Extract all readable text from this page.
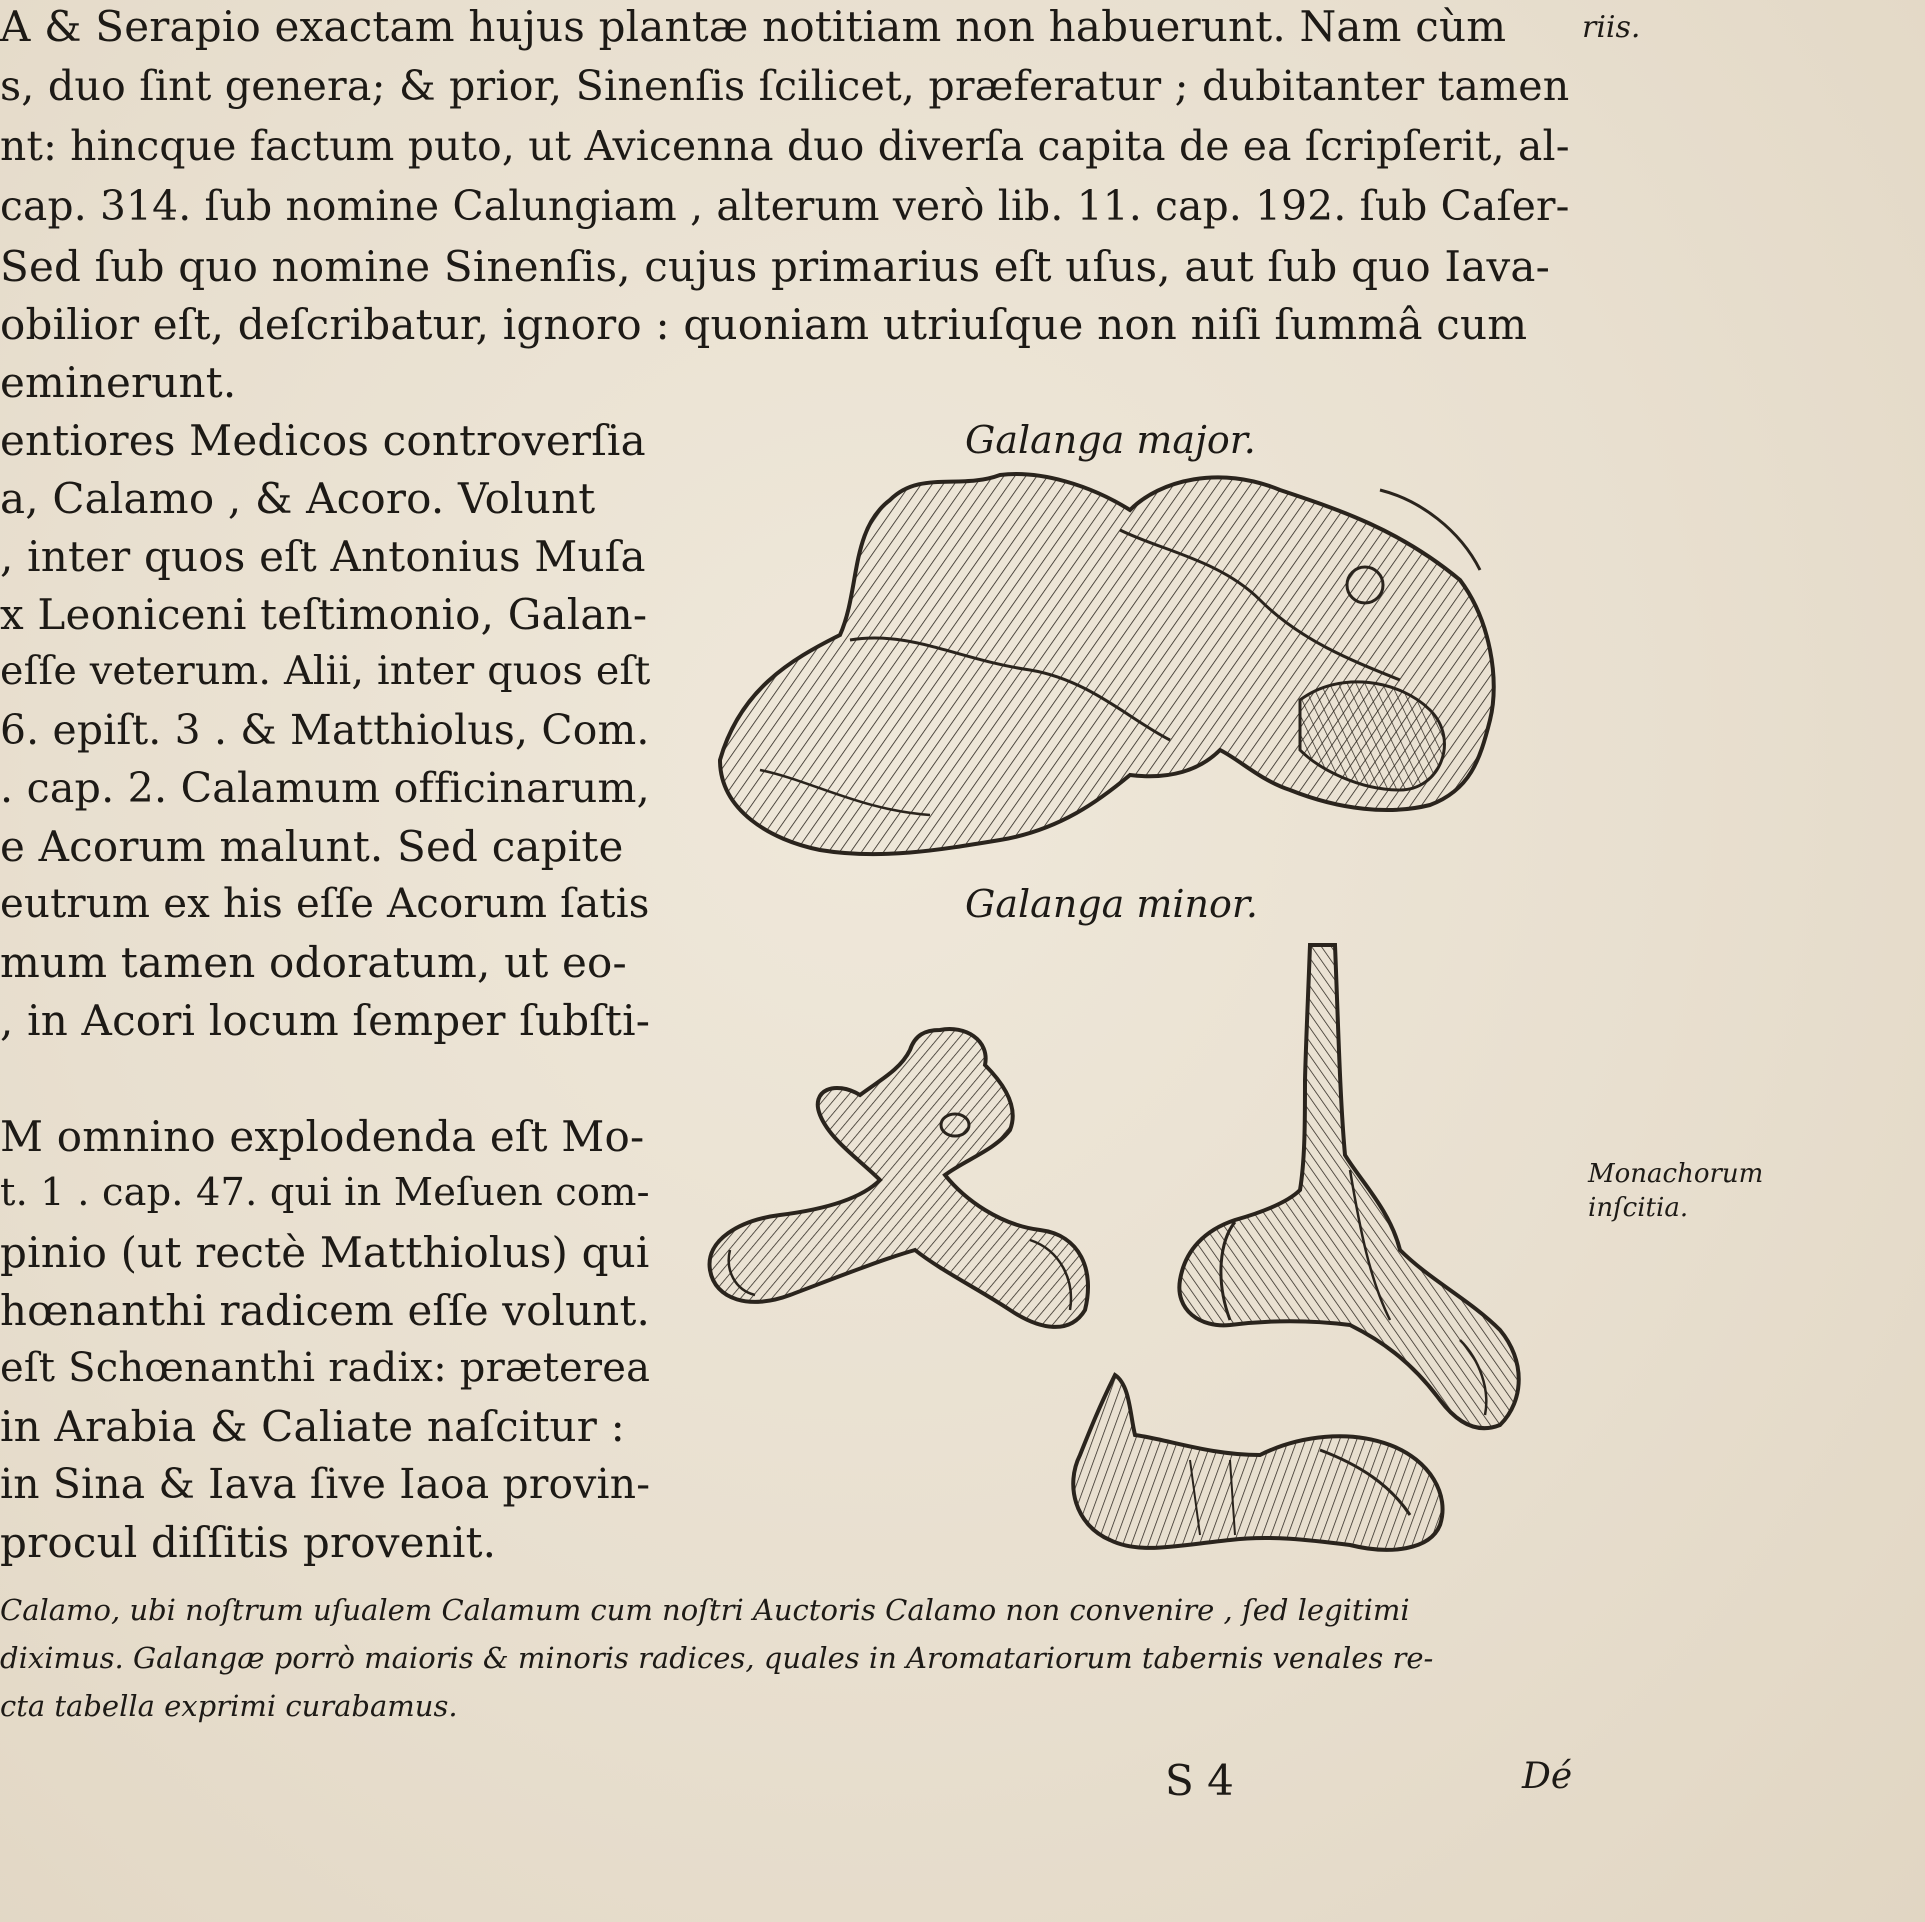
A & Serapio exactam hujus plantæ notitiam non habuerunt. Nam cùm
s, duo ſint genera; & prior, Sinenſis ſcilicet, præferatur ; dubitanter tamen
nt: hincque factum puto, ut Avicenna duo diverſa capita de ea ſcripſerit, al-
cap. 314. ſub nomine Calungiam , alterum verò lib. 11. cap. 192. ſub Caſer-
Sed ſub quo nomine Sinenſis, cujus primarius eſt uſus, aut ſub quo Iava-
obilior eſt, deſcribatur, ignoro : quoniam utriuſque non niſi ſummâ cum
eminerunt.
riis.
entiores Medicos controverſia
a, Calamo , & Acoro. Volunt
, inter quos eſt Antonius Muſa
x Leoniceni teſtimonio, Galan-
eſſe veterum. Alii, inter quos eſt
6. epiſt. 3 . & Matthiolus, Com.
. cap. 2. Calamum officinarum,
e Acorum malunt. Sed capite
eutrum ex his eſſe Acorum ſatis
mum tamen odoratum, ut eo-
, in Acori locum ſemper ſubſti-
M omnino explodenda eſt Mo-
t. 1 . cap. 47. qui in Meſuen com-
pinio (ut rectè Matthiolus) qui
hœnanthi radicem eſſe volunt.
eſt Schœnanthi radix: præterea
in Arabia & Caliate naſcitur :
in Sina & Iava ſive Iaoa provin-
procul diſſitis provenit.
Galanga major.
Galanga minor.
Monachorum
inſcitia.
Calamo, ubi noſtrum uſualem Calamum cum noſtri Auctoris Calamo non convenire , ſed legitimi
diximus. Galangæ porrò maioris & minoris radices, quales in Aromatariorum tabernis venales re-
cta tabella exprimi curabamus.
S 4	Dé
